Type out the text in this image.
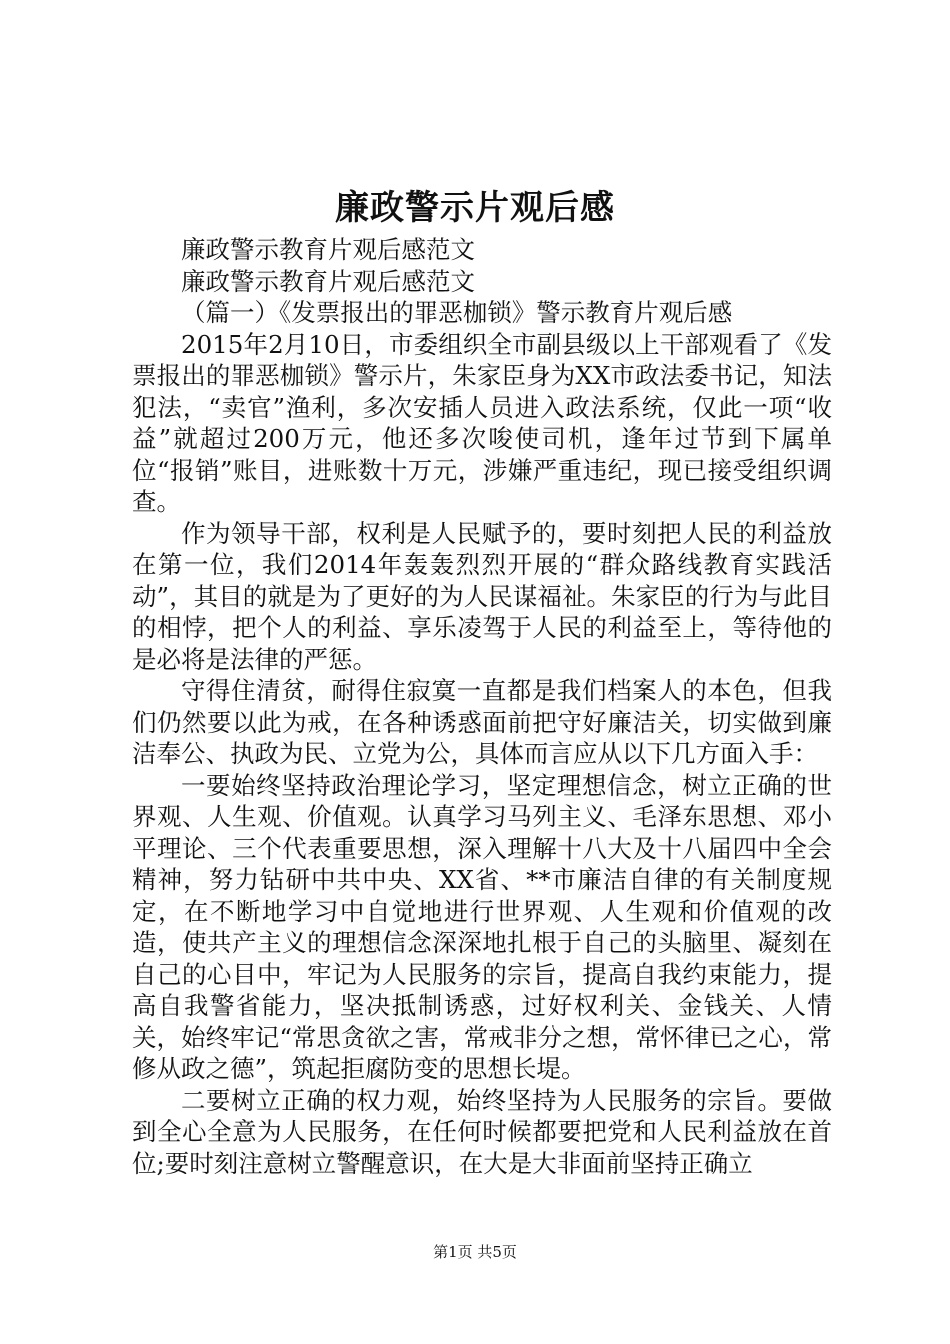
廉政警示片观后感

廉政警示教育片观后感范文

廉政警示教育片观后感范文

（篇一）《发票报出的罪恶枷锁》警示教育片观后感

2015年2月10日，市委组织全市副县级以上干部观看了《发票报出的罪恶枷锁》警示片，朱家臣身为XX市政法委书记，知法犯法，“卖官”渔利，多次安插人员进入政法系统，仅此一项“收益”就超过200万元，他还多次唆使司机，逢年过节到下属单位“报销”账目，进账数十万元，涉嫌严重违纪，现已接受组织调查。

作为领导干部，权利是人民赋予的，要时刻把人民的利益放在第一位，我们2014年轰轰烈烈开展的“群众路线教育实践活动”，其目的就是为了更好的为人民谋福祉。朱家臣的行为与此目的相悖，把个人的利益、享乐凌驾于人民的利益至上，等待他的是必将是法律的严惩。

守得住清贫，耐得住寂寞一直都是我们档案人的本色，但我们仍然要以此为戒，在各种诱惑面前把守好廉洁关，切实做到廉洁奉公、执政为民、立党为公，具体而言应从以下几方面入手：

一要始终坚持政治理论学习，坚定理想信念，树立正确的世界观、人生观、价值观。认真学习马列主义、毛泽东思想、邓小平理论、三个代表重要思想，深入理解十八大及十八届四中全会精神，努力钻研中共中央、XX省、**市廉洁自律的有关制度规定，在不断地学习中自觉地进行世界观、人生观和价值观的改造，使共产主义的理想信念深深地扎根于自己的头脑里、凝刻在自己的心目中，牢记为人民服务的宗旨，提高自我约束能力，提高自我警省能力，坚决抵制诱惑，过好权利关、金钱关、人情关，始终牢记“常思贪欲之害，常戒非分之想，常怀律已之心，常修从政之德”，筑起拒腐防变的思想长堤。

二要树立正确的权力观，始终坚持为人民服务的宗旨。要做到全心全意为人民服务，在任何时候都要把党和人民利益放在首位;要时刻注意树立警醒意识，在大是大非面前坚持正确立

第1页 共5页
